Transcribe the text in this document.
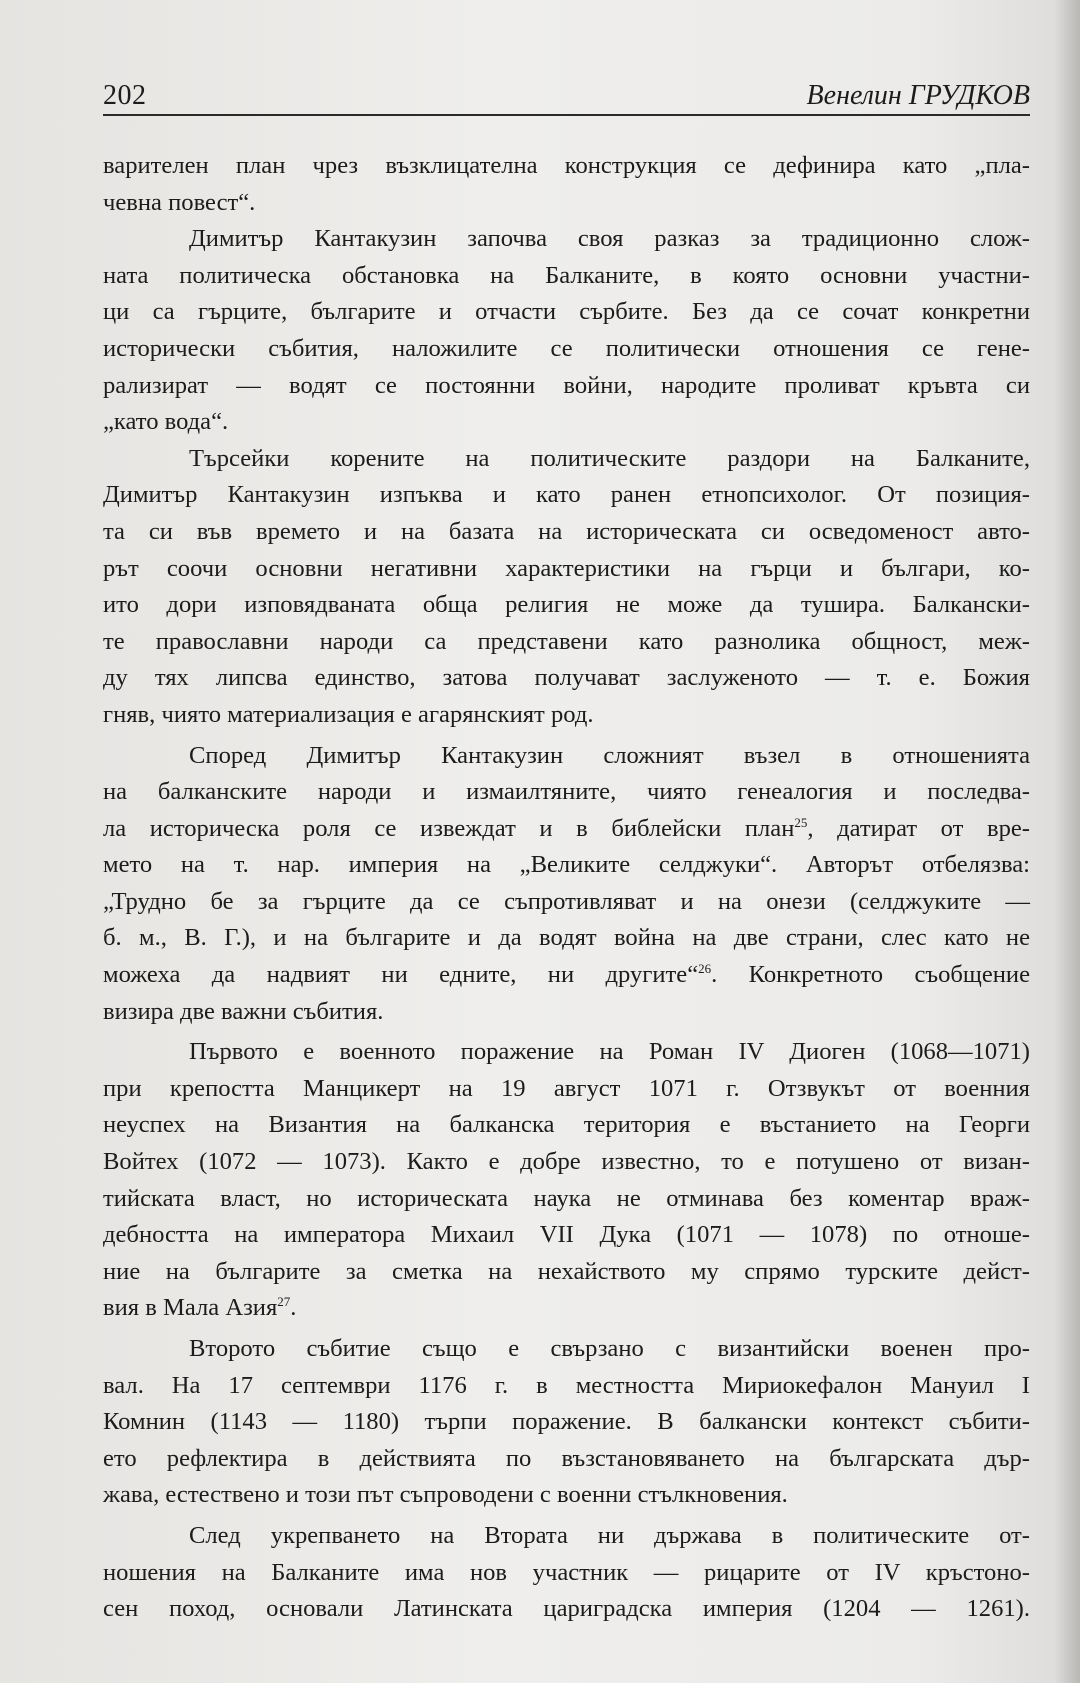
202	Венелин ГРУДКОВ

варителен план чрез възклицателна конструкция се дефинира като „пла-
чевна повест“.

Димитър Кантакузин започва своя разказ за традиционно слож-
ната политическа обстановка на Балканите, в която основни участни-
ци са гърците, българите и отчасти сърбите. Без да се сочат конкретни
исторически събития, наложилите се политически отношения се гене-
рализират — водят се постоянни войни, народите проливат кръвта си
„като вода“.

Търсейки корените на политическите раздори на Балканите,
Димитър Кантакузин изпъква и като ранен етнопсихолог. От позиция-
та си във времето и на базата на историческата си осведоменост авто-
рът сoочи основни негативни характеристики на гърци и българи, ко-
ито дори изповядваната обща религия не може да тушира. Балкански-
те православни народи са представени като разнолика общност, меж-
ду тях липсва единство, затова получават заслуженото — т. е. Божия
гняв, чиято материализация е агарянският род.

Според Димитър Кантакузин сложният възел в отношенията
на балканските народи и измаилтяните, чиято генеалогия и последва-
ла историческа роля се извеждат и в библейски план$^{25}$, датират от вре-
мето на т. нар. империя на „Великите селджуки“. Авторът отбелязва:
„Трудно бе за гърците да се съпротивляват и на онези (селджуките —
б. м., В. Г.), и на българите и да водят война на две страни, слес като не
можеха да надвият ни едните, ни другите“$^{26}$. Конкретното съобщение
визира две важни събития.

Първото е военното поражение на Роман IV Диоген (1068—1071)
при крепостта Манцикерт на 19 август 1071 г. Отзвукът от военния
неуспех на Византия на балканска територия е въстанието на Георги
Войтех (1072 — 1073). Както е добре известно, то е потушено от визан-
тийската власт, но историческата наука не отминава без коментар враж-
дебността на императора Михаил VII Дука (1071 — 1078) по отноше-
ние на българите за сметка на нехайството му спрямо турските дейст-
вия в Мала Азия$^{27}$.

Второто събитие също е свързано с византийски военен про-
вал. На 17 септември 1176 г. в местността Мириокефалон Мануил I
Комнин (1143 — 1180) търпи поражение. В балкански контекст събити-
ето рефлектира в действията по възстановяването на българската дър-
жава, естествено и този път съпроводени с военни стълкновения.

След укрепването на Втората ни държава в политическите от-
ношения на Балканите има нов участник — рицарите от IV кръстоно-
сен поход, основали Латинската цариградска империя (1204 — 1261).
